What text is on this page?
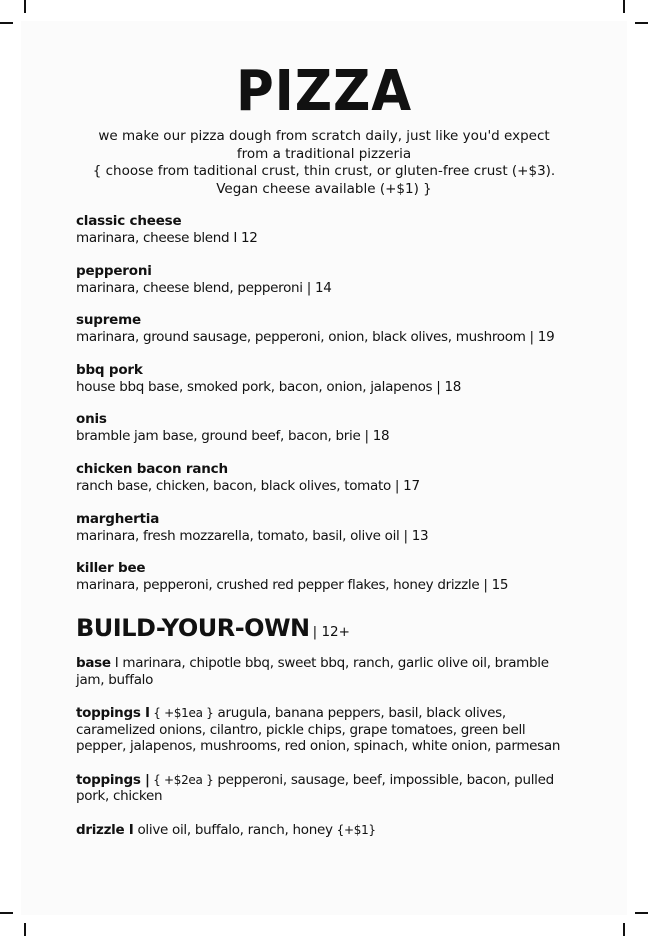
PIZZA
we make our pizza dough from scratch daily, just like you'd expect
from a traditional pizzeria
{ choose from taditional crust, thin crust, or gluten-free crust (+$3).
Vegan cheese available (+$1) }
classic cheese
marinara, cheese blend I 12
pepperoni
marinara, cheese blend, pepperoni | 14
supreme
marinara, ground sausage, pepperoni, onion, black olives, mushroom | 19
bbq pork
house bbq base, smoked pork, bacon, onion, jalapenos | 18
onis
bramble jam base, ground beef, bacon, brie | 18
chicken bacon ranch
ranch base, chicken, bacon, black olives, tomato | 17
marghertia
marinara, fresh mozzarella, tomato, basil, olive oil | 13
killer bee
marinara, pepperoni, crushed red pepper flakes, honey drizzle | 15
BUILD-YOUR-OWN | 12+
base I marinara, chipotle bbq, sweet bbq, ranch, garlic olive oil, bramble jam, buffalo
toppings I { +$1ea } arugula, banana peppers, basil, black olives, caramelized onions, cilantro, pickle chips, grape tomatoes, green bell pepper, jalapenos, mushrooms, red onion, spinach, white onion, parmesan
toppings | { +$2ea } pepperoni, sausage, beef, impossible, bacon, pulled pork, chicken
drizzle I olive oil, buffalo, ranch, honey {+$1}
